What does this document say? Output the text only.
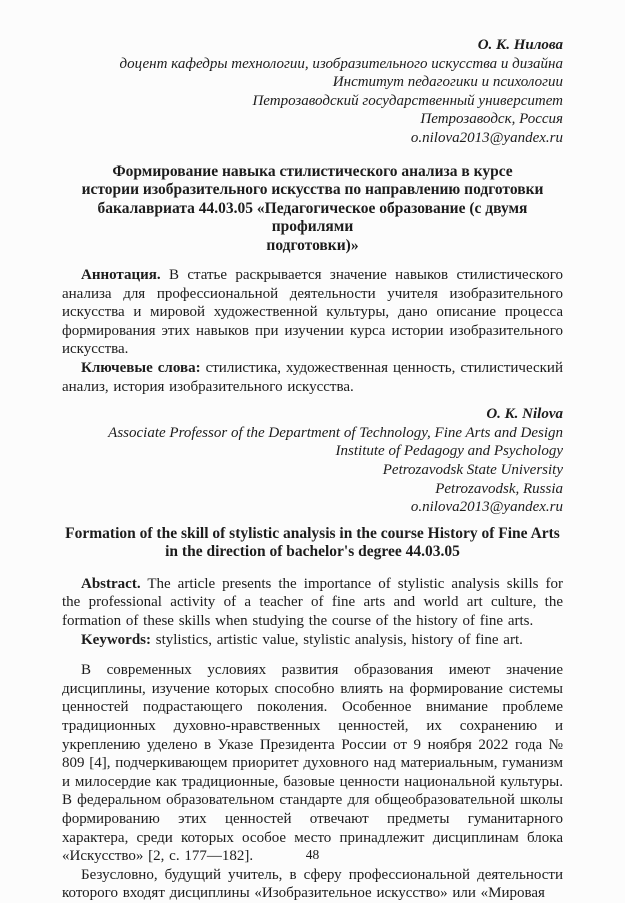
О. К. Нилова
доцент кафедры технологии, изобразительного искусства и дизайна
Институт педагогики и психологии
Петрозаводский государственный университет
Петрозаводск, Россия
o.nilova2013@yandex.ru
Формирование навыка стилистического анализа в курсе
истории изобразительного искусства по направлению подготовки
бакалавриата 44.03.05 «Педагогическое образование (с двумя профилями
подготовки)»

Аннотация. В статье раскрывается значение навыков стилистического анализа для профессиональной деятельности учителя изобразительного искусства и мировой художественной культуры, дано описание процесса формирования этих навыков при изучении курса истории изобразительного искусства.

Ключевые слова: стилистика, художественная ценность, стилистический анализ, история изобразительного искусства.

O. K. Nilova
Associate Professor of the Department of Technology, Fine Arts and Design
Institute of Pedagogy and Psychology
Petrozavodsk State University
Petrozavodsk, Russia
o.nilova2013@yandex.ru
Formation of the skill of stylistic analysis in the course History of Fine Arts
in the direction of bachelor's degree 44.03.05

Abstract. The article presents the importance of stylistic analysis skills for the professional activity of a teacher of fine arts and world art culture, the formation of these skills when studying the course of the history of fine arts.

Keywords: stylistics, artistic value, stylistic analysis, history of fine art.

В современных условиях развития образования имеют значение дисциплины, изучение которых способно влиять на формирование системы ценностей подрастающего поколения. Особенное внимание проблеме традиционных духовно-нравственных ценностей, их сохранению и укреплению уделено в Указе Президента России от 9 ноября 2022 года № 809 [4], подчеркивающем приоритет духовного над материальным, гуманизм и милосердие как традиционные, базовые ценности национальной культуры. В федеральном образовательном стандарте для общеобразовательной школы формированию этих ценностей отвечают предметы гуманитарного характера, среди которых особое место принадлежит дисциплинам блока «Искусство» [2, с. 177—182].

Безусловно, будущий учитель, в сферу профессиональной деятельности которого входят дисциплины «Изобразительное искусство» или «Мировая

48
